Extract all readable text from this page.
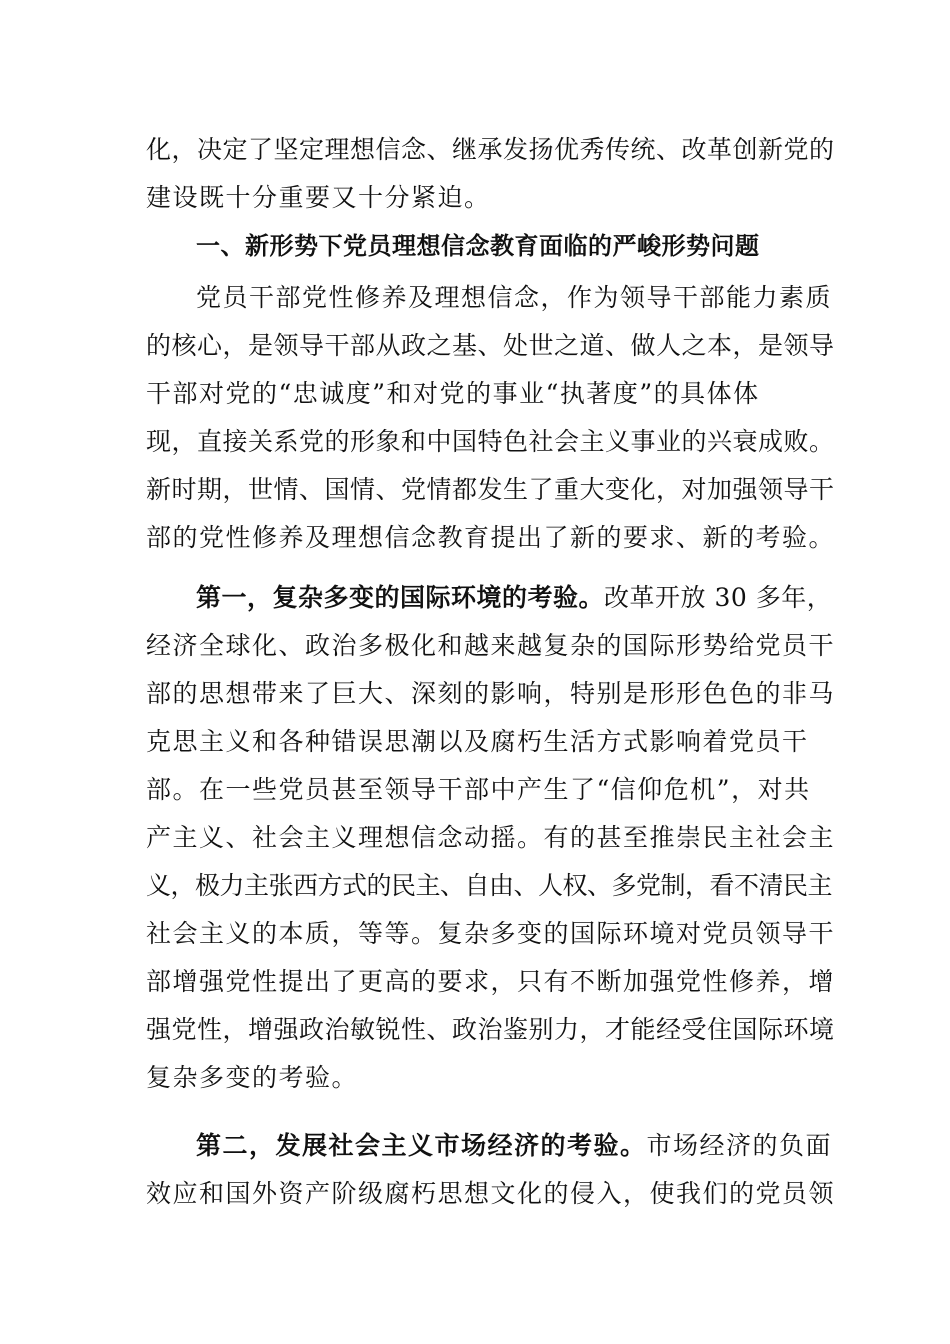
化，决定了坚定理想信念、继承发扬优秀传统、改革创新党的
建设既十分重要又十分紧迫。
一、新形势下党员理想信念教育面临的严峻形势问题
党员干部党性修养及理想信念，作为领导干部能力素质
的核心，是领导干部从政之基、处世之道、做人之本，是领导
干部对党的“忠诚度”和对党的事业“执著度”的具体体
现，直接关系党的形象和中国特色社会主义事业的兴衰成败。
新时期，世情、国情、党情都发生了重大变化，对加强领导干
部的党性修养及理想信念教育提出了新的要求、新的考验。
第一，复杂多变的国际环境的考验。改革开放 30 多年，
经济全球化、政治多极化和越来越复杂的国际形势给党员干
部的思想带来了巨大、深刻的影响，特别是形形色色的非马
克思主义和各种错误思潮以及腐朽生活方式影响着党员干
部。在一些党员甚至领导干部中产生了“信仰危机”，对共
产主义、社会主义理想信念动摇。有的甚至推崇民主社会主
义，极力主张西方式的民主、自由、人权、多党制，看不清民主
社会主义的本质，等等。复杂多变的国际环境对党员领导干
部增强党性提出了更高的要求，只有不断加强党性修养，增
强党性，增强政治敏锐性、政治鉴别力，才能经受住国际环境
复杂多变的考验。
第二，发展社会主义市场经济的考验。市场经济的负面
效应和国外资产阶级腐朽思想文化的侵入，使我们的党员领
